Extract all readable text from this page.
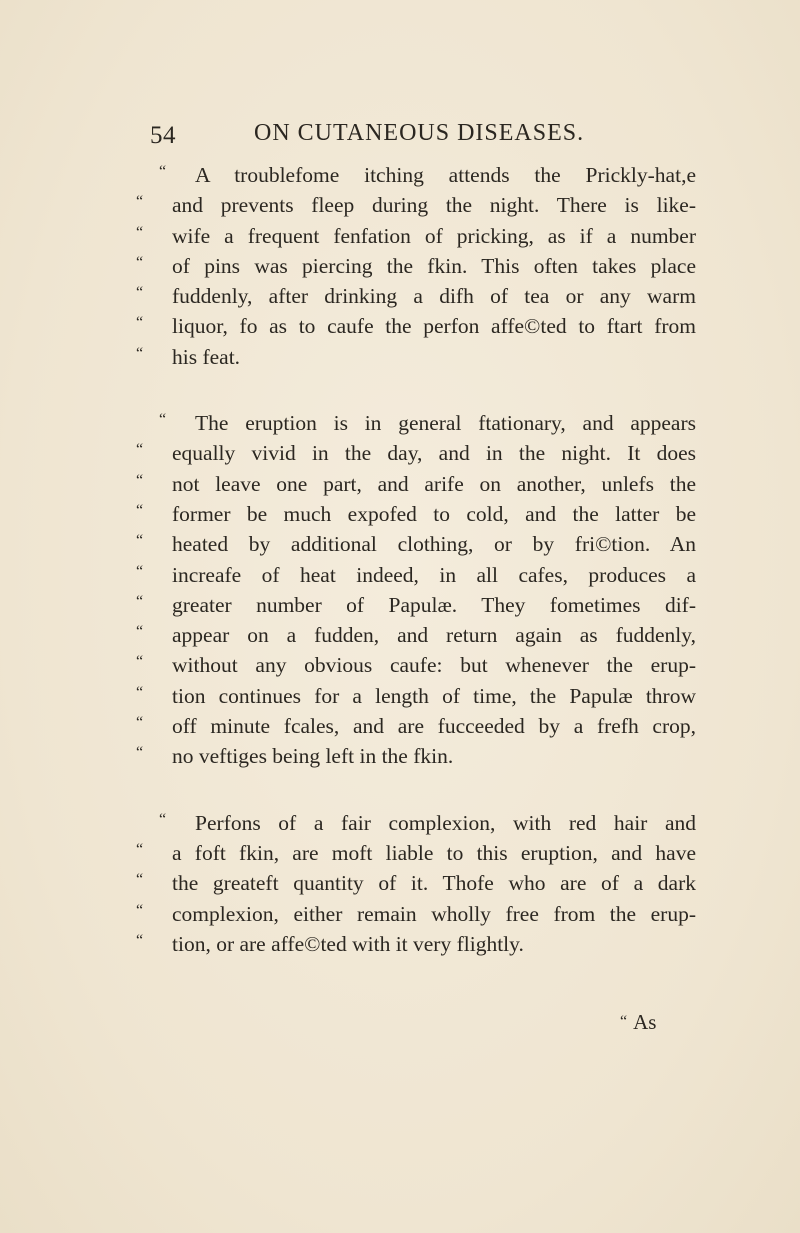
54	ON CUTANEOUS DISEASES.
“	A troublefome itching attends the Prickly-hat,e
“	and prevents fleep during the night. There is like-
“	wife a frequent fenfation of pricking, as if a number
“	of pins was piercing the fkin. This often takes place
“	fuddenly, after drinking a difh of tea or any warm
“	liquor, fo as to caufe the perfon affe©ted to ftart from
“	his feat.
“	The eruption is in general ftationary, and appears
“	equally vivid in the day, and in the night. It does
“	not leave one part, and arife on another, unlefs the
“	former be much expofed to cold, and the latter be
“	heated by additional clothing, or by fri©tion. An
“	increafe of heat indeed, in all cafes, produces a
“	greater number of Papulæ. They fometimes dif-
“	appear on a fudden, and return again as fuddenly,
“	without any obvious caufe: but whenever the erup-
“	tion continues for a length of time, the Papulæ throw
“	off minute fcales, and are fucceeded by a frefh crop,
“	no veftiges being left in the fkin.
“	Perfons of a fair complexion, with red hair and
“	a foft fkin, are moft liable to this eruption, and have
“	the greateft quantity of it. Thofe who are of a dark
“	complexion, either remain wholly free from the erup-
“	tion, or are affe©ted with it very flightly.
“ As
